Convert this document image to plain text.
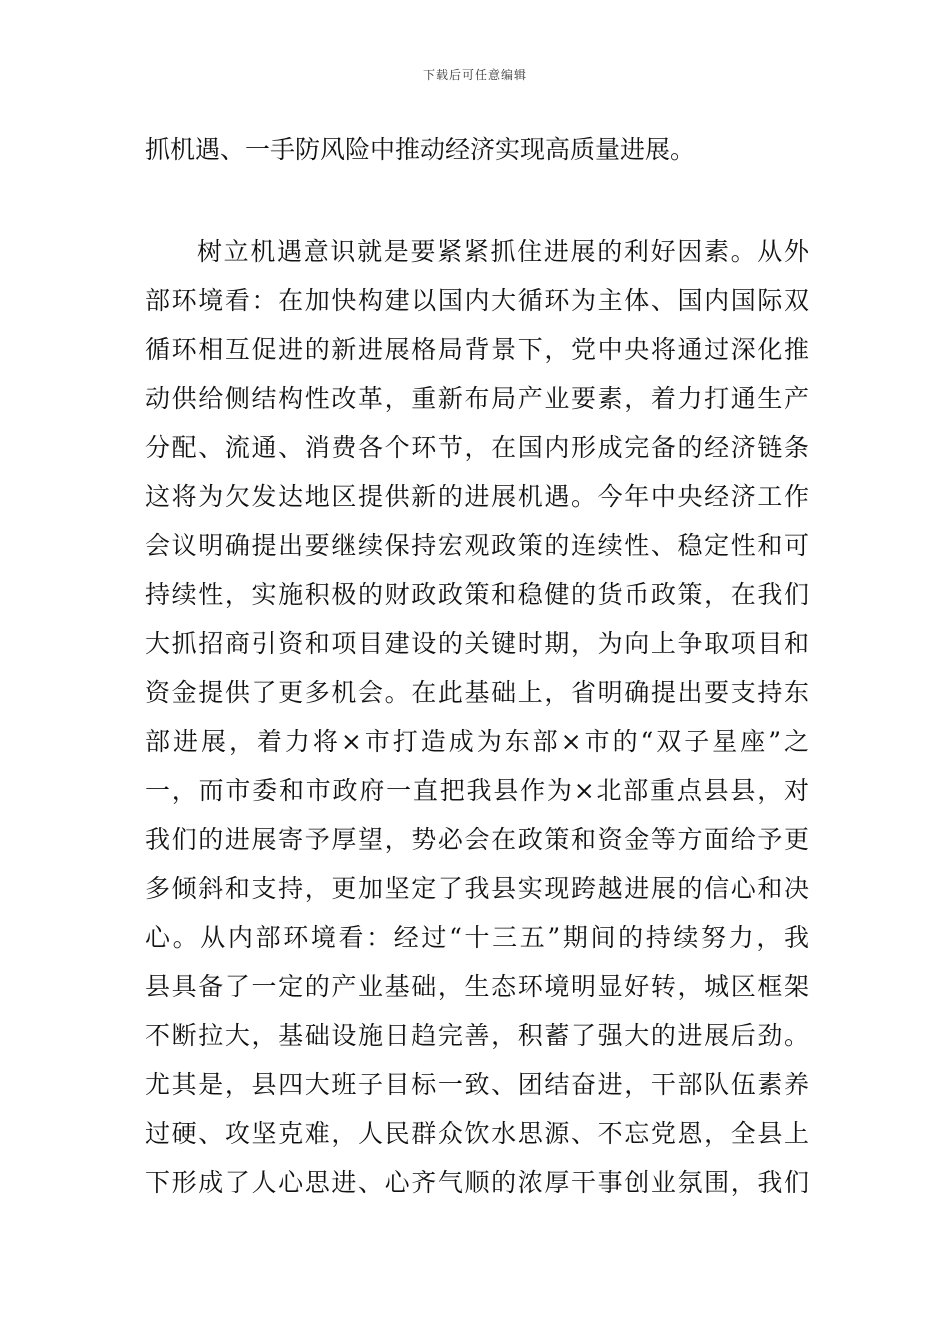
下载后可任意编辑
抓机遇、一手防风险中推动经济实现高质量进展。
树立机遇意识就是要紧紧抓住进展的利好因素。从外
部环境看：在加快构建以国内大循环为主体、国内国际双
循环相互促进的新进展格局背景下，党中央将通过深化推
动供给侧结构性改革，重新布局产业要素，着力打通生产
分配、流通、消费各个环节，在国内形成完备的经济链条
这将为欠发达地区提供新的进展机遇。今年中央经济工作
会议明确提出要继续保持宏观政策的连续性、稳定性和可
持续性，实施积极的财政政策和稳健的货币政策，在我们
大抓招商引资和项目建设的关键时期，为向上争取项目和
资金提供了更多机会。在此基础上，省明确提出要支持东
部进展，着力将×市打造成为东部×市的“双子星座”之
一，而市委和市政府一直把我县作为×北部重点县县，对
我们的进展寄予厚望，势必会在政策和资金等方面给予更
多倾斜和支持，更加坚定了我县实现跨越进展的信心和决
心。从内部环境看：经过“十三五”期间的持续努力，我
县具备了一定的产业基础，生态环境明显好转，城区框架
不断拉大，基础设施日趋完善，积蓄了强大的进展后劲。
尤其是，县四大班子目标一致、团结奋进，干部队伍素养
过硬、攻坚克难，人民群众饮水思源、不忘党恩，全县上
下形成了人心思进、心齐气顺的浓厚干事创业氛围，我们
